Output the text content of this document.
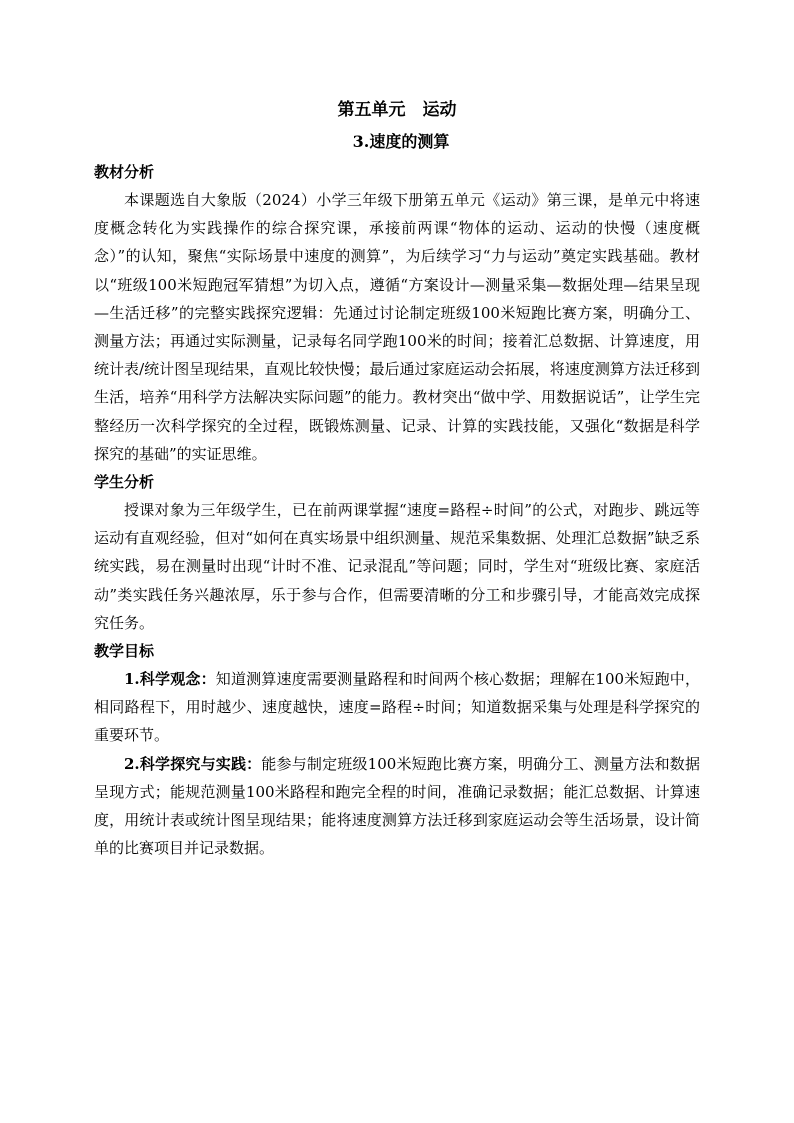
第五单元　运动
3.速度的测算
教材分析

本课题选自大象版（2024）小学三年级下册第五单元《运动》第三课，是单元中将速度概念转化为实践操作的综合探究课，承接前两课“物体的运动、运动的快慢（速度概念）”的认知，聚焦“实际场景中速度的测算”，为后续学习“力与运动”奠定实践基础。教材以“班级100米短跑冠军猜想”为切入点，遵循“方案设计—测量采集—数据处理—结果呈现—生活迁移”的完整实践探究逻辑：先通过讨论制定班级100米短跑比赛方案，明确分工、测量方法；再通过实际测量，记录每名同学跑100米的时间；接着汇总数据、计算速度，用统计表/统计图呈现结果，直观比较快慢；最后通过家庭运动会拓展，将速度测算方法迁移到生活，培养“用科学方法解决实际问题”的能力。教材突出“做中学、用数据说话”，让学生完整经历一次科学探究的全过程，既锻炼测量、记录、计算的实践技能，又强化“数据是科学探究的基础”的实证思维。

学生分析

授课对象为三年级学生，已在前两课掌握“速度=路程÷时间”的公式，对跑步、跳远等运动有直观经验，但对“如何在真实场景中组织测量、规范采集数据、处理汇总数据”缺乏系统实践，易在测量时出现“计时不准、记录混乱”等问题；同时，学生对“班级比赛、家庭活动”类实践任务兴趣浓厚，乐于参与合作，但需要清晰的分工和步骤引导，才能高效完成探究任务。

教学目标

1.科学观念：知道测算速度需要测量路程和时间两个核心数据；理解在100米短跑中，相同路程下，用时越少、速度越快，速度=路程÷时间；知道数据采集与处理是科学探究的重要环节。

2.科学探究与实践：能参与制定班级100米短跑比赛方案，明确分工、测量方法和数据呈现方式；能规范测量100米路程和跑完全程的时间，准确记录数据；能汇总数据、计算速度，用统计表或统计图呈现结果；能将速度测算方法迁移到家庭运动会等生活场景，设计简单的比赛项目并记录数据。
